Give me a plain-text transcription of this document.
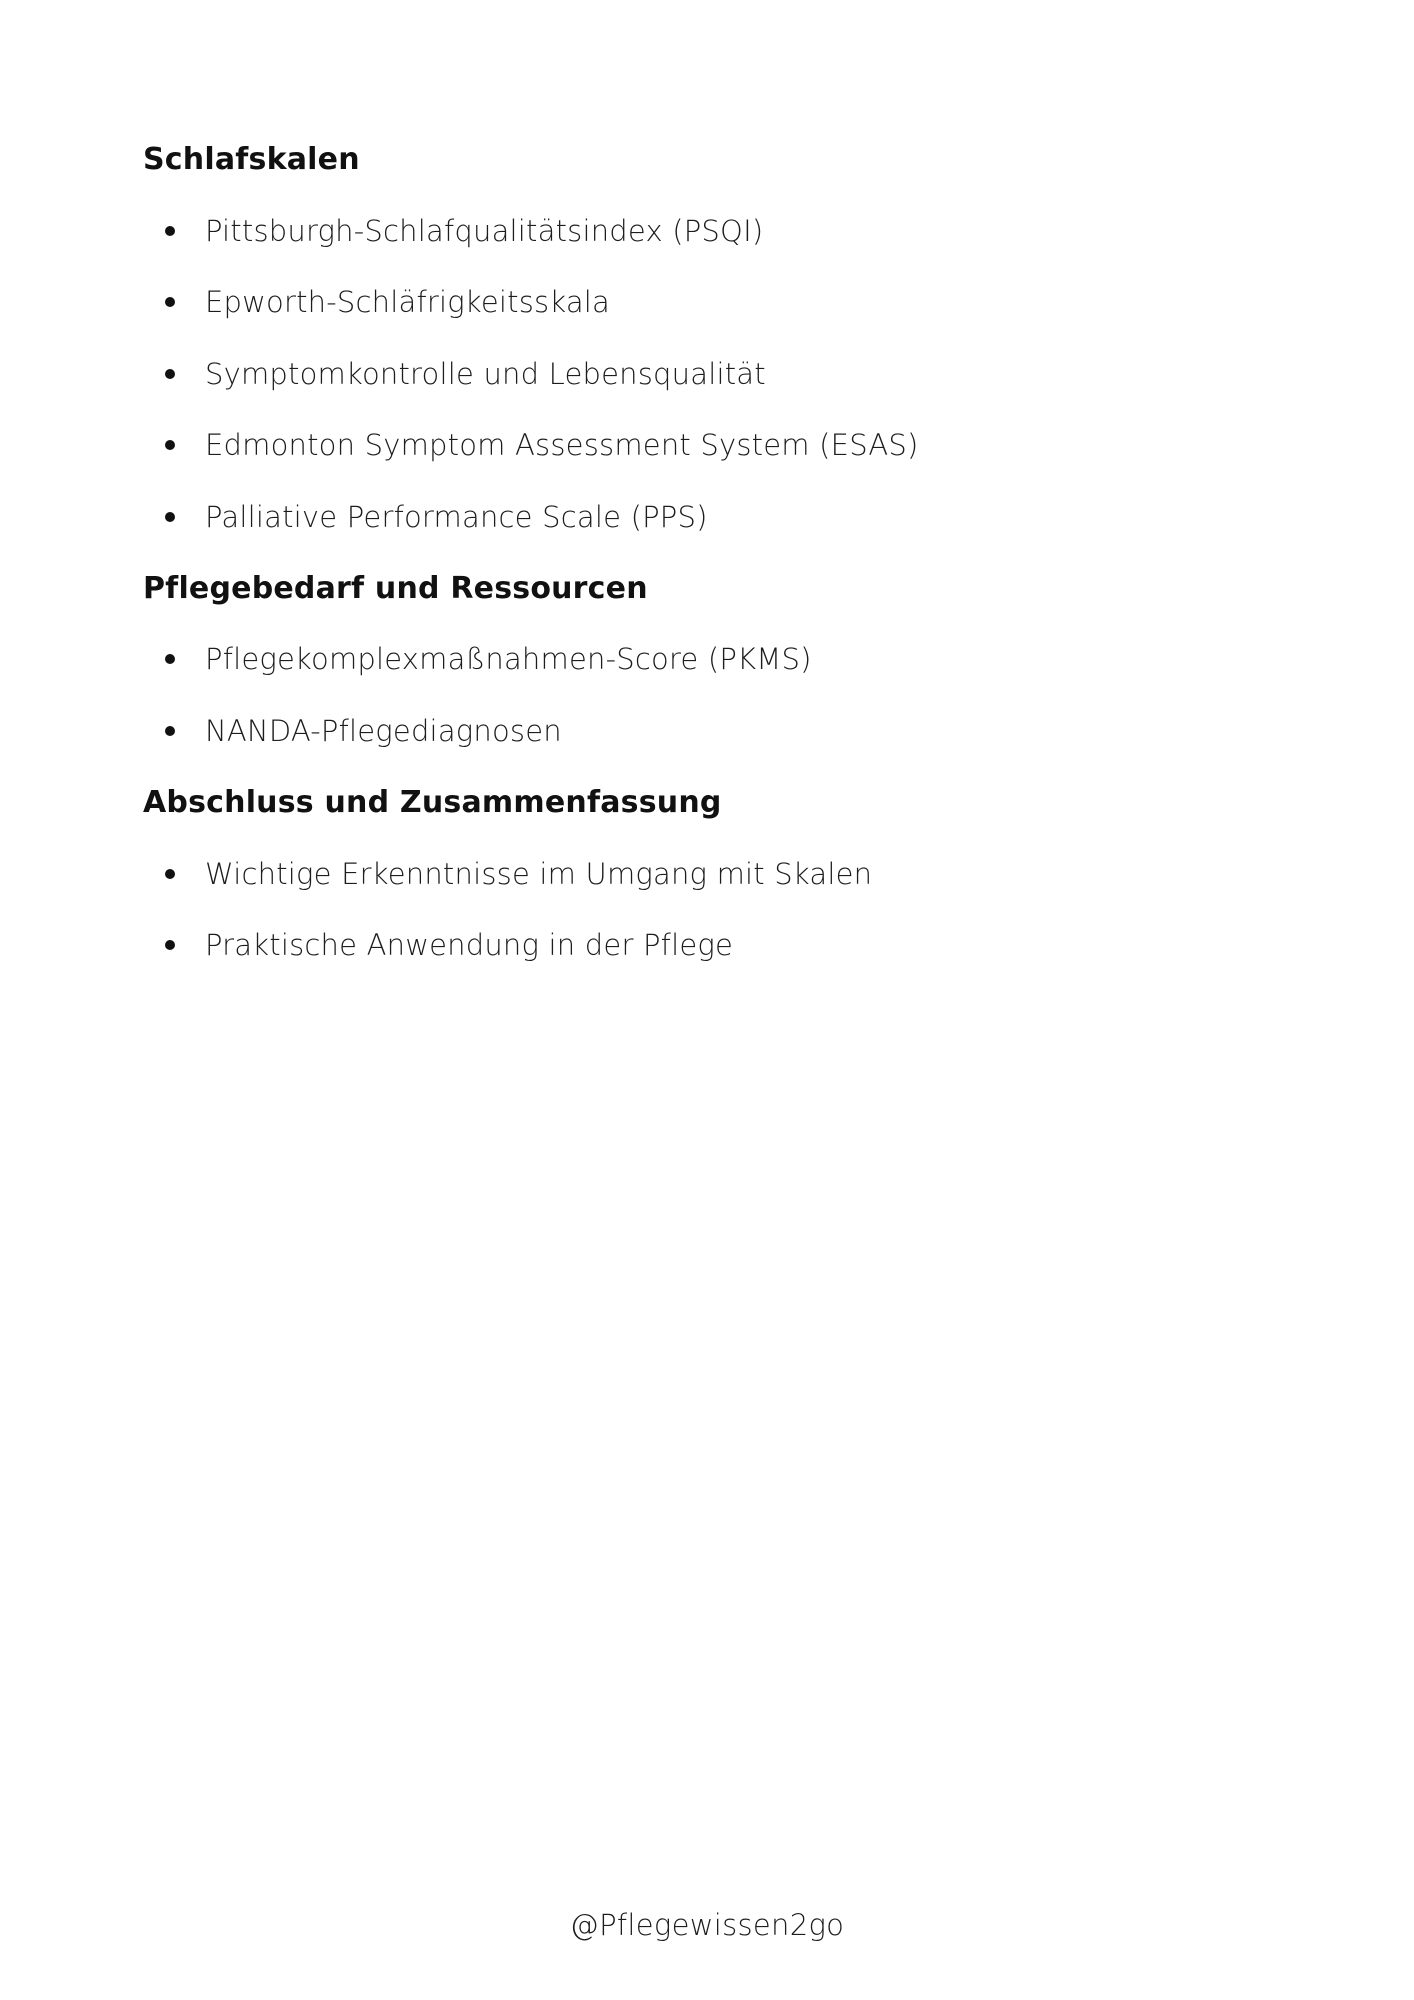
Schlafskalen
Pittsburgh-Schlafqualitätsindex (PSQI)
Epworth-Schläfrigkeitsskala
Symptomkontrolle und Lebensqualität
Edmonton Symptom Assessment System (ESAS)
Palliative Performance Scale (PPS)
Pflegebedarf und Ressourcen
Pflegekomplexmaßnahmen-Score (PKMS)
NANDA-Pflegediagnosen
Abschluss und Zusammenfassung
Wichtige Erkenntnisse im Umgang mit Skalen
Praktische Anwendung in der Pflege
@Pflegewissen2go
